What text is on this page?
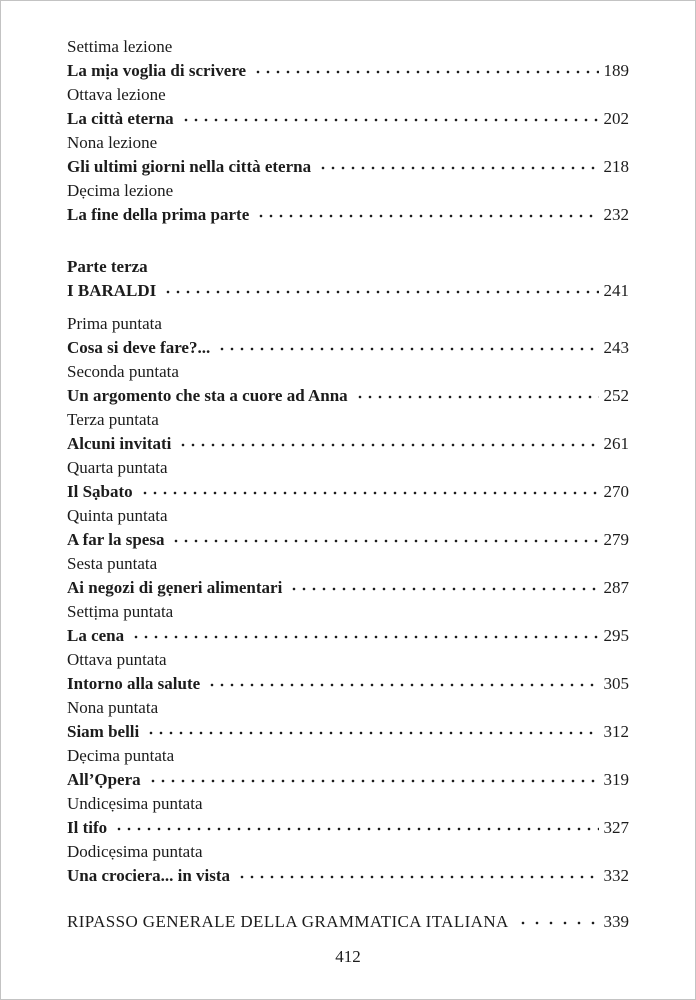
Settima lezione
La mịa voglia di scrivere	189
Ottava lezione
La città eterna	202
Nona lezione
Gli ultimi giorni nella città eterna	218
Dẹcima lezione
La fine della prima parte	232
Parte terza
I BARALDI	241
Prima puntata
Cosa si deve fare?...	243
Seconda puntata
Un argomento che sta a cuore ad Anna	252
Terza puntata
Alcuni invitati	261
Quarta puntata
Il Sạbato	270
Quinta puntata
A far la spesa	279
Sesta puntata
Ai negozi di gẹneri alimentari	287
Settịma puntata
La cena	295
Ottava puntata
Intorno alla salute	305
Nona puntata
Siam belli	312
Dẹcima puntata
All’Ọpera	319
Undicẹsima puntata
Il tifo	327
Dodicẹsima puntata
Una crociera... in vista	332
RIPASSO GENERALE DELLA GRAMMATICA ITALIANA	339
412
